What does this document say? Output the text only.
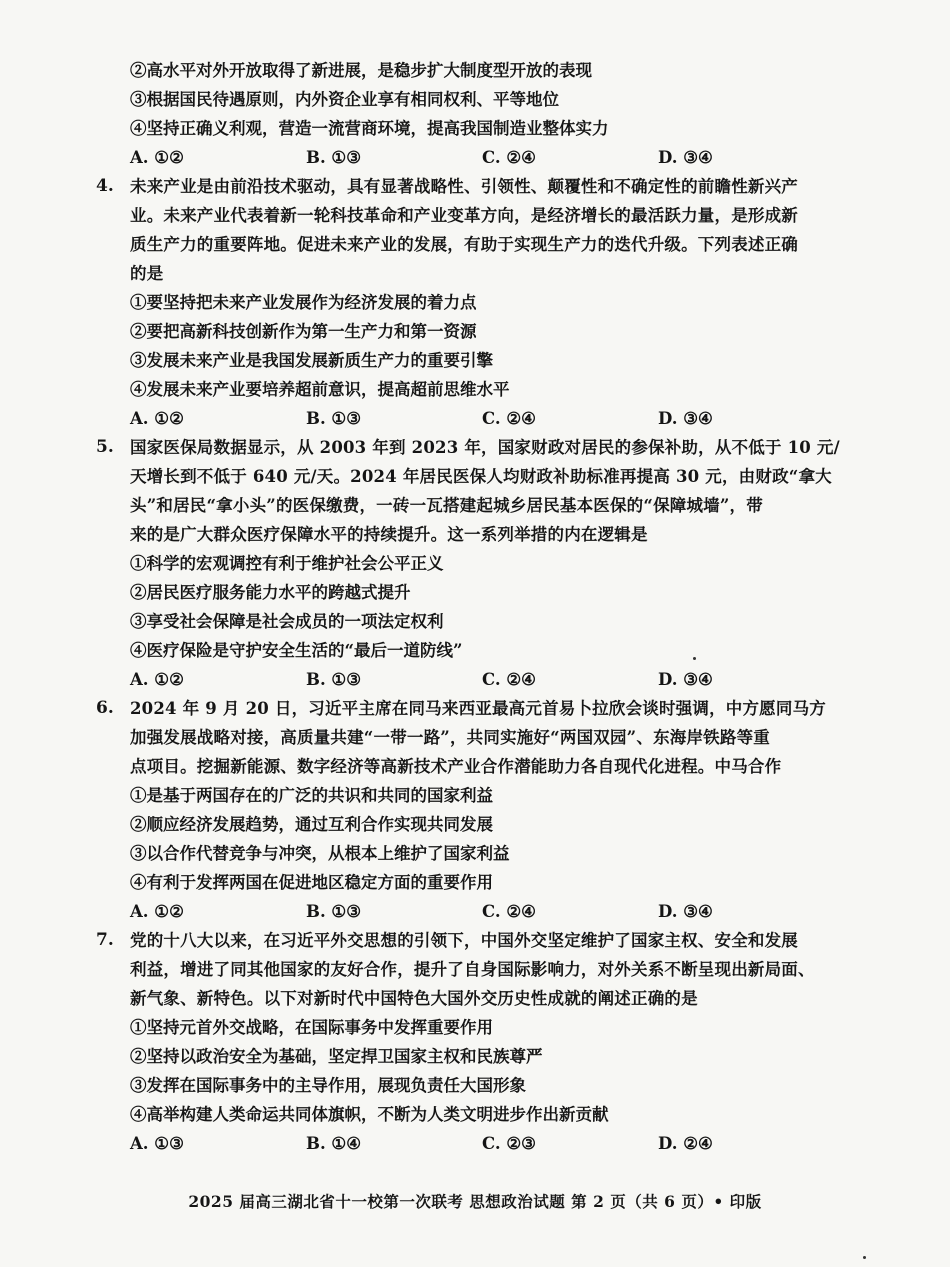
②高水平对外开放取得了新进展，是稳步扩大制度型开放的表现
③根据国民待遇原则，内外资企业享有相同权利、平等地位
④坚持正确义利观，营造一流营商环境，提高我国制造业整体实力
A. ①②	B. ①③	C. ②④	D. ③④
4. 未来产业是由前沿技术驱动，具有显著战略性、引领性、颠覆性和不确定性的前瞻性新兴产
业。未来产业代表着新一轮科技革命和产业变革方向，是经济增长的最活跃力量，是形成新
质生产力的重要阵地。促进未来产业的发展，有助于实现生产力的迭代升级。下列表述正确
的是
①要坚持把未来产业发展作为经济发展的着力点
②要把高新科技创新作为第一生产力和第一资源
③发展未来产业是我国发展新质生产力的重要引擎
④发展未来产业要培养超前意识，提高超前思维水平
A. ①②	B. ①③	C. ②④	D. ③④
5. 国家医保局数据显示，从 2003 年到 2023 年，国家财政对居民的参保补助，从不低于 10 元/
天增长到不低于 640 元/天。2024 年居民医保人均财政补助标准再提高 30 元，由财政“拿大
头”和居民“拿小头”的医保缴费，一砖一瓦搭建起城乡居民基本医保的“保障城墙”，带
来的是广大群众医疗保障水平的持续提升。这一系列举措的内在逻辑是
①科学的宏观调控有利于维护社会公平正义
②居民医疗服务能力水平的跨越式提升
③享受社会保障是社会成员的一项法定权利
④医疗保险是守护安全生活的“最后一道防线”
A. ①②	B. ①③	C. ②④	D. ③④
6. 2024 年 9 月 20 日，习近平主席在同马来西亚最高元首易卜拉欣会谈时强调，中方愿同马方
加强发展战略对接，高质量共建“一带一路”，共同实施好“两国双园”、东海岸铁路等重
点项目。挖掘新能源、数字经济等高新技术产业合作潜能助力各自现代化进程。中马合作
①是基于两国存在的广泛的共识和共同的国家利益
②顺应经济发展趋势，通过互利合作实现共同发展
③以合作代替竞争与冲突，从根本上维护了国家利益
④有利于发挥两国在促进地区稳定方面的重要作用
A. ①②	B. ①③	C. ②④	D. ③④
7. 党的十八大以来，在习近平外交思想的引领下，中国外交坚定维护了国家主权、安全和发展
利益，增进了同其他国家的友好合作，提升了自身国际影响力，对外关系不断呈现出新局面、
新气象、新特色。以下对新时代中国特色大国外交历史性成就的阐述正确的是
①坚持元首外交战略，在国际事务中发挥重要作用
②坚持以政治安全为基础，坚定捍卫国家主权和民族尊严
③发挥在国际事务中的主导作用，展现负责任大国形象
④高举构建人类命运共同体旗帜，不断为人类文明进步作出新贡献
A. ①③	B. ①④	C. ②③	D. ②④
2025 届高三湖北省十一校第一次联考 思想政治试题 第 2 页（共 6 页）• 印版
